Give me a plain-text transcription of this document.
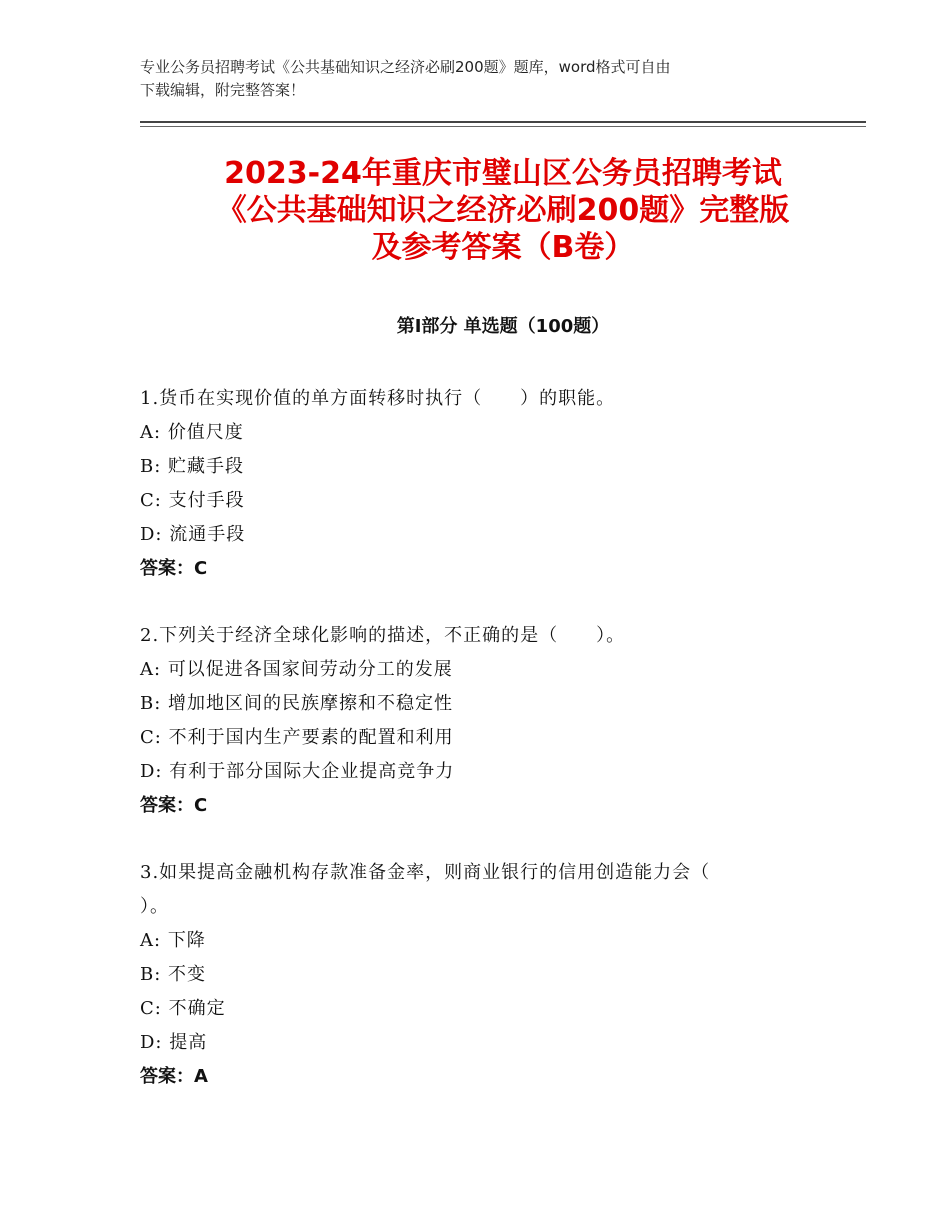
专业公务员招聘考试《公共基础知识之经济必刷200题》题库，word格式可自由
下载编辑，附完整答案！
2023-24年重庆市璧山区公务员招聘考试
《公共基础知识之经济必刷200题》完整版
及参考答案（B卷）
第Ⅰ部分 单选题（100题）
1.货币在实现价值的单方面转移时执行（　　）的职能。
A: 价值尺度
B: 贮藏手段
C: 支付手段
D: 流通手段
答案：C
2.下列关于经济全球化影响的描述，不正确的是（　　）。
A: 可以促进各国家间劳动分工的发展
B: 增加地区间的民族摩擦和不稳定性
C: 不利于国内生产要素的配置和利用
D: 有利于部分国际大企业提高竞争力
答案：C
3.如果提高金融机构存款准备金率，则商业银行的信用创造能力会（
）。
A: 下降
B: 不变
C: 不确定
D: 提高
答案：A
